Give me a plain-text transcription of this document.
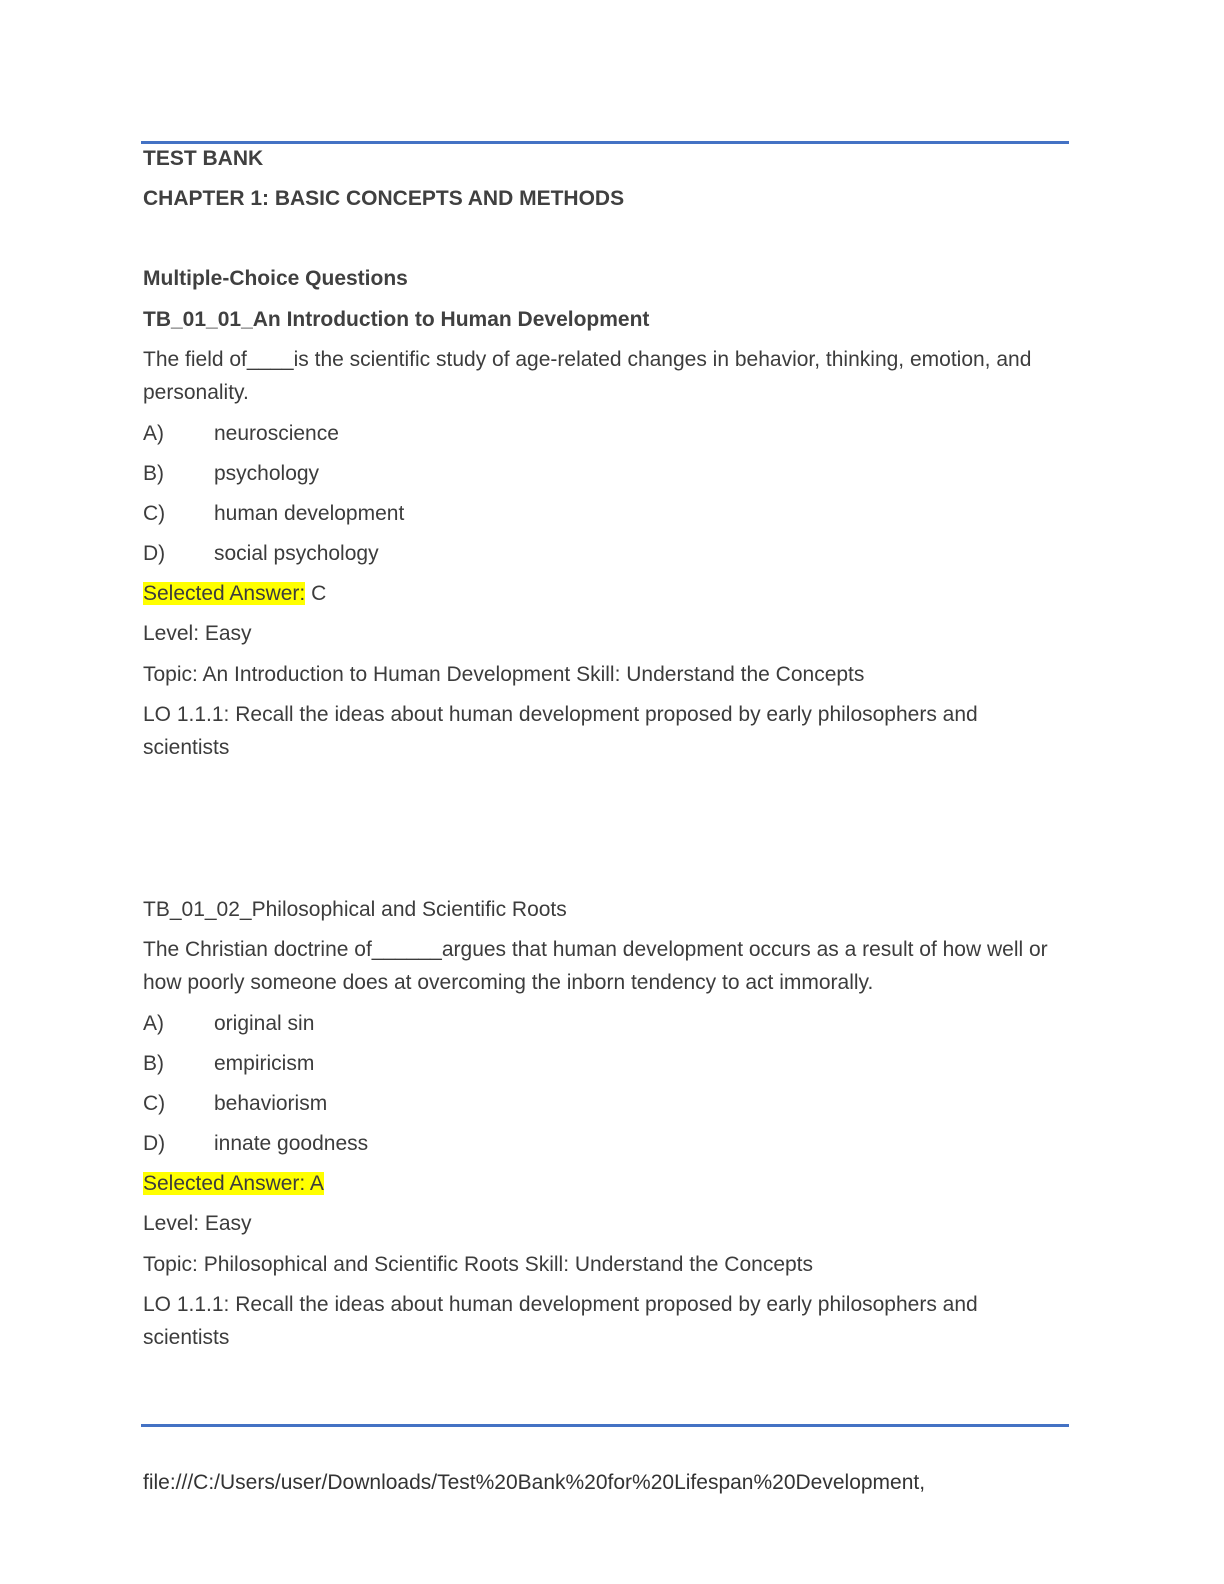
TEST BANK
CHAPTER 1: BASIC CONCEPTS AND METHODS
Multiple-Choice Questions
TB_01_01_An Introduction to Human Development
The field of____is the scientific study of age-related changes in behavior, thinking, emotion, and personality.
A) neuroscience
B) psychology
C) human development
D) social psychology
Selected Answer: C
Level: Easy
Topic: An Introduction to Human Development Skill: Understand the Concepts
LO 1.1.1: Recall the ideas about human development proposed by early philosophers and scientists
TB_01_02_Philosophical and Scientific Roots
The Christian doctrine of______argues that human development occurs as a result of how well or how poorly someone does at overcoming the inborn tendency to act immorally.
A) original sin
B) empiricism
C) behaviorism
D) innate goodness
Selected Answer: A
Level: Easy
Topic: Philosophical and Scientific Roots Skill: Understand the Concepts
LO 1.1.1: Recall the ideas about human development proposed by early philosophers and scientists
file:///C:/Users/user/Downloads/Test%20Bank%20for%20Lifespan%20Development,
